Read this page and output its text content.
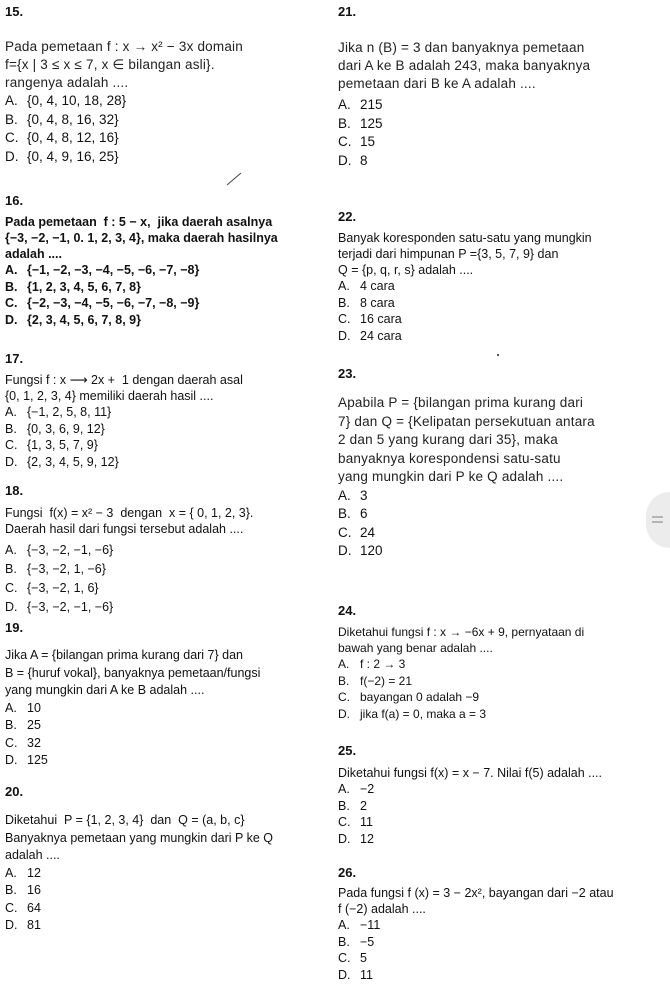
15.
Pada pemetaan f : x → x² − 3x domain
f={x | 3 ≤ x ≤ 7, x ∈ bilangan asli}.
rangenya adalah ....
A. {0, 4, 10, 18, 28}
B. {0, 4, 8, 16, 32}
C. {0, 4, 8, 12, 16}
D. {0, 4, 9, 16, 25}
16.
Pada pemetaan  f : 5 − x,  jika daerah asalnya
{−3, −2, −1, 0. 1, 2, 3, 4}, maka daerah hasilnya
adalah ....
A. {−1, −2, −3, −4, −5, −6, −7, −8}
B. {1, 2, 3, 4, 5, 6, 7, 8}
C. {−2, −3, −4, −5, −6, −7, −8, −9}
D. {2, 3, 4, 5, 6, 7, 8, 9}
17.
Fungsi f : x ⟶ 2x +  1 dengan daerah asal
{0, 1, 2, 3, 4} memiliki daerah hasil ....
A. {−1, 2, 5, 8, 11}
B. {0, 3, 6, 9, 12}
C. {1, 3, 5, 7, 9}
D. {2, 3, 4, 5, 9, 12}
18.
Fungsi  f(x) = x² − 3  dengan  x = { 0, 1, 2, 3}.
Daerah hasil dari fungsi tersebut adalah ....
A. {−3, −2, −1, −6}
B. {−3, −2, 1, −6}
C. {−3, −2, 1, 6}
D. {−3, −2, −1, −6}
19.
Jika A = {bilangan prima kurang dari 7} dan
B = {huruf vokal}, banyaknya pemetaan/fungsi
yang mungkin dari A ke B adalah ....
A. 10
B. 25
C. 32
D. 125
20.
Diketahui  P = {1, 2, 3, 4}  dan  Q = (a, b, c}
Banyaknya pemetaan yang mungkin dari P ke Q
adalah ....
A. 12
B. 16
C. 64
D. 81
21.
Jika n (B) = 3 dan banyaknya pemetaan
dari A ke B adalah 243, maka banyaknya
pemetaan dari B ke A adalah ....
A. 215
B. 125
C. 15
D. 8
22.
Banyak koresponden satu-satu yang mungkin
terjadi dari himpunan P ={3, 5, 7, 9} dan
Q = {p, q, r, s} adalah ....
A. 4 cara
B. 8 cara
C. 16 cara
D. 24 cara
23.
Apabila P = {bilangan prima kurang dari
7} dan Q = {Kelipatan persekutuan antara
2 dan 5 yang kurang dari 35}, maka
banyaknya korespondensi satu-satu
yang mungkin dari P ke Q adalah ....
A. 3
B. 6
C. 24
D. 120
24.
Diketahui fungsi f : x → −6x + 9, pernyataan di
bawah yang benar adalah ....
A. f : 2 → 3
B. f(−2) = 21
C. bayangan 0 adalah −9
D. jika f(a) = 0, maka a = 3
25.
Diketahui fungsi f(x) = x − 7. Nilai f(5) adalah ....
A. −2
B. 2
C. 11
D. 12
26.
Pada fungsi f (x) = 3 − 2x², bayangan dari −2 atau
f (−2) adalah ....
A. −11
B. −5
C. 5
D. 11
